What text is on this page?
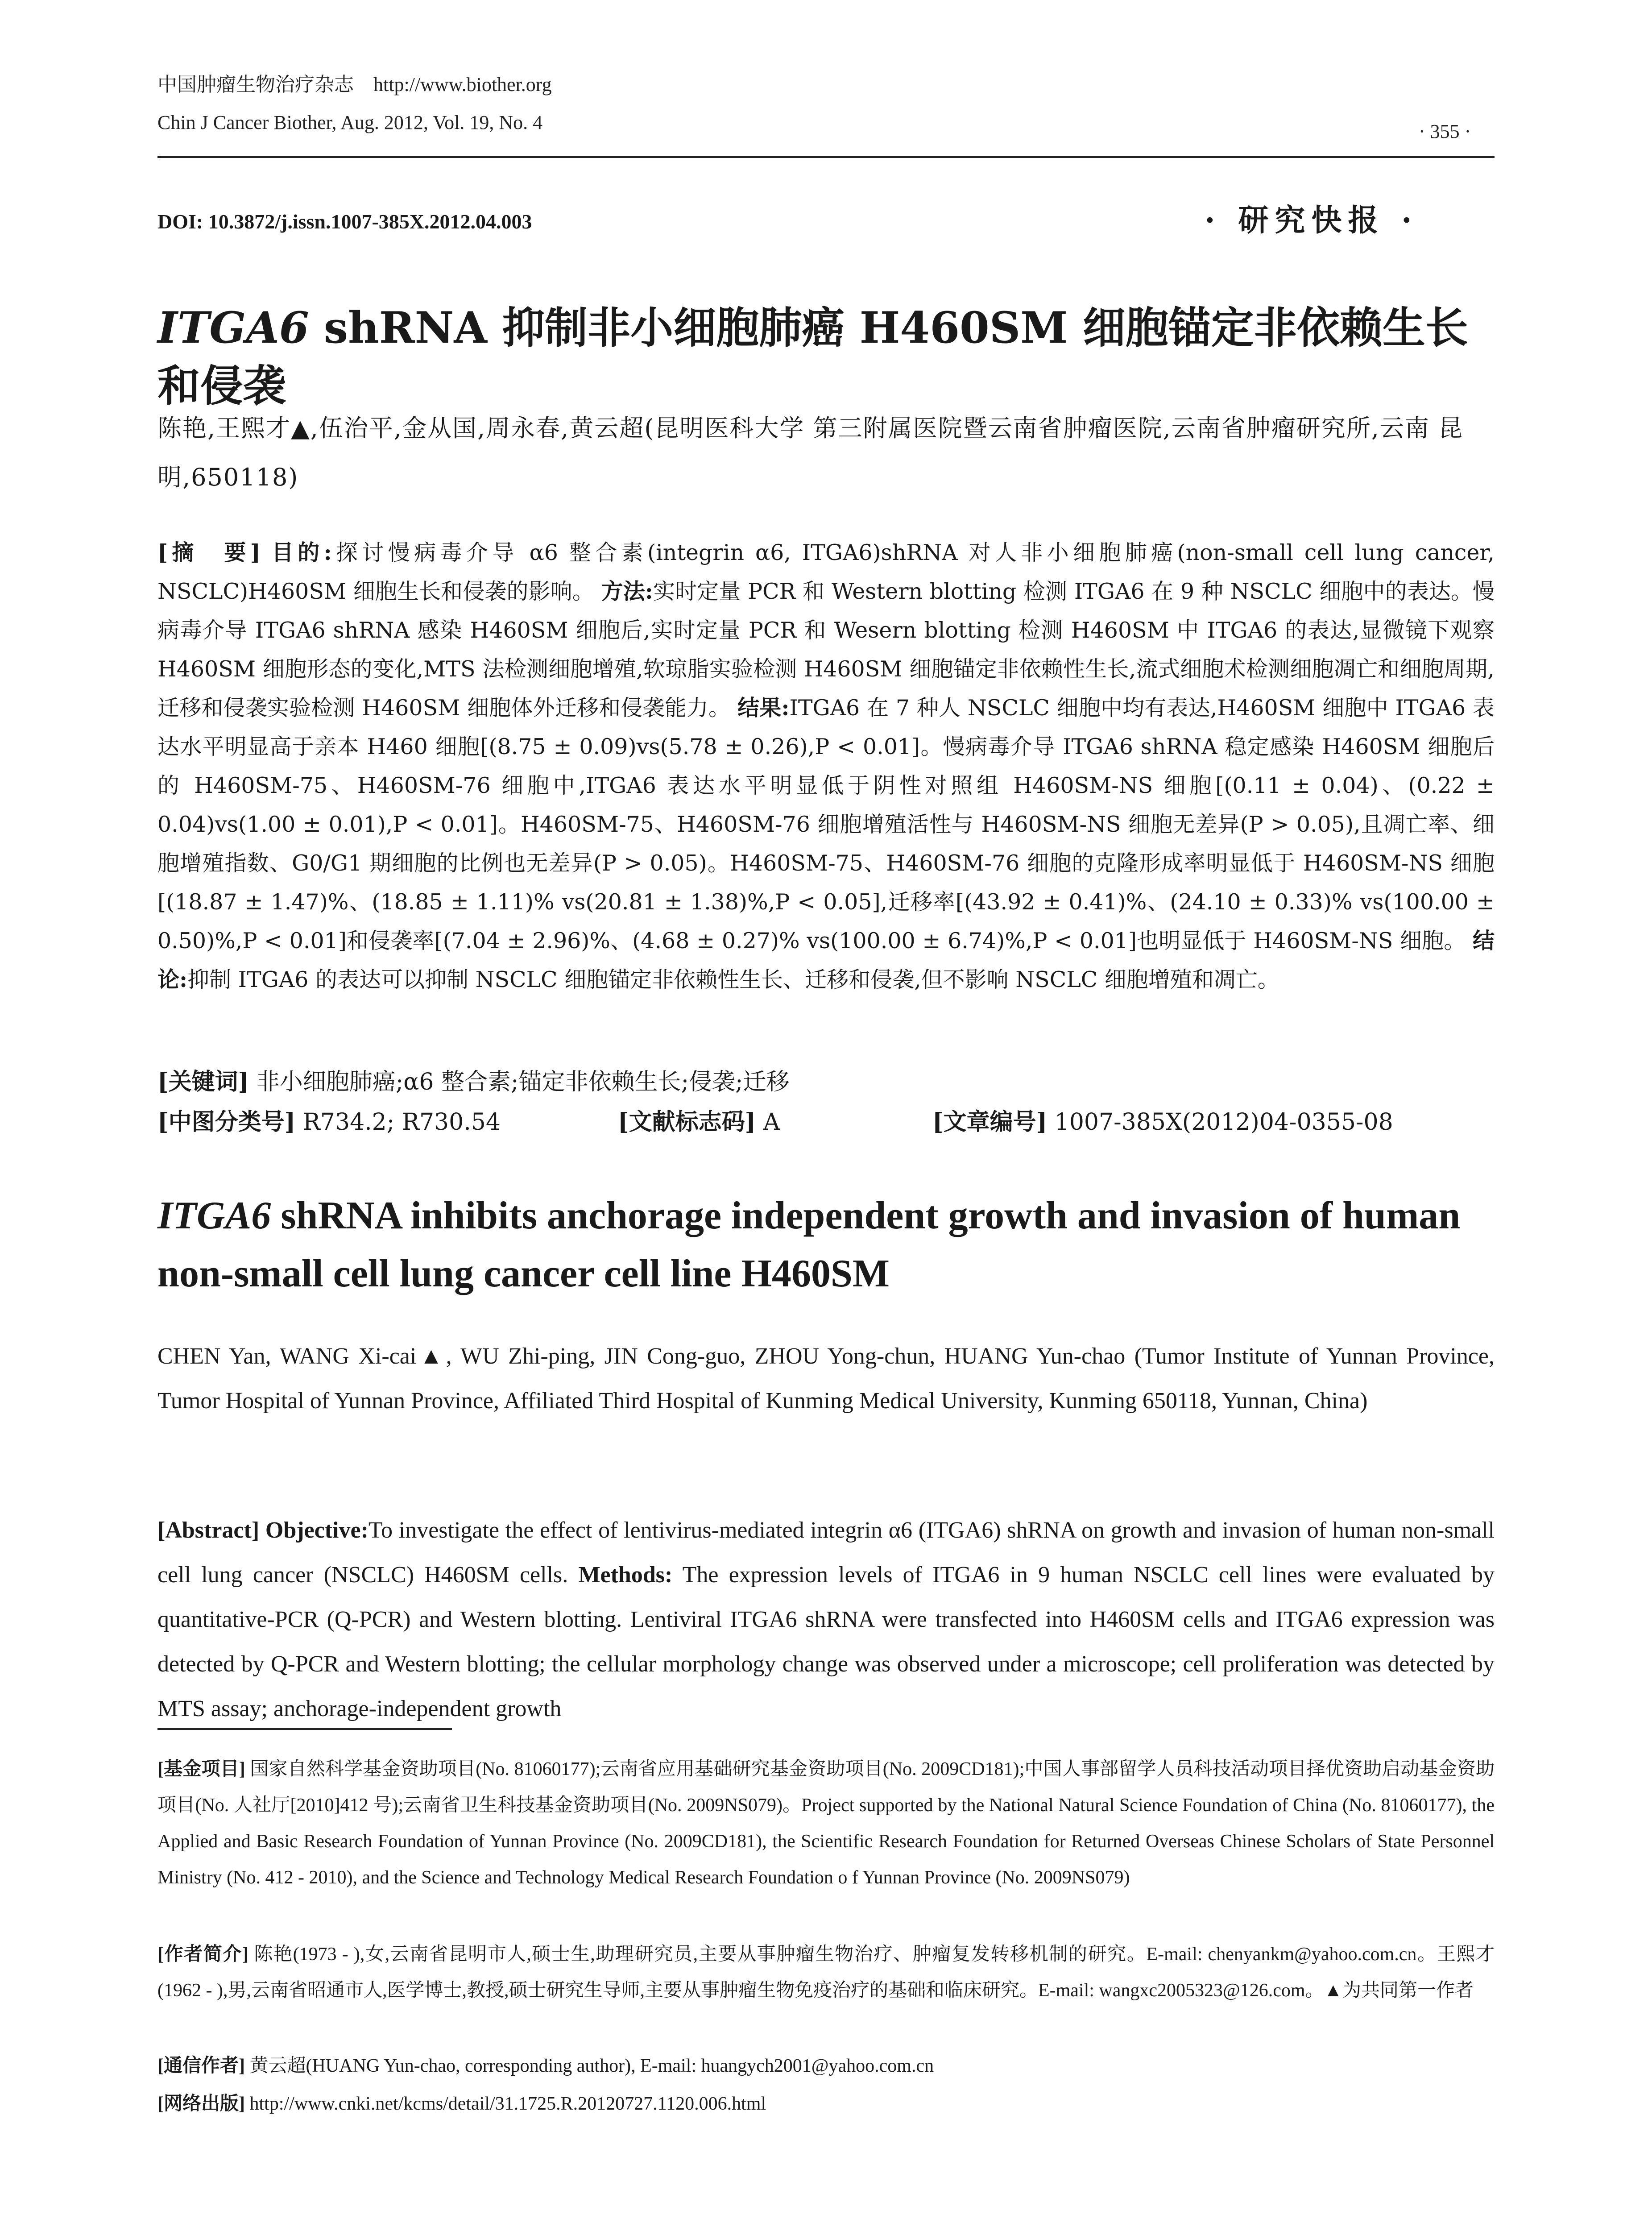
中国肿瘤生物治疗杂志　http://www.biother.org
Chin J Cancer Biother, Aug. 2012, Vol. 19, No. 4	· 355 ·
DOI: 10.3872/j.issn.1007-385X.2012.04.003	· 研究快报 ·
ITGA6 shRNA 抑制非小细胞肺癌 H460SM 细胞锚定非依赖生长和侵袭
陈艳,王熙才▲,伍治平,金从国,周永春,黄云超(昆明医科大学 第三附属医院暨云南省肿瘤医院,云南省肿瘤研究所,云南 昆明,650118)
[摘　要] 目的:探讨慢病毒介导 α6 整合素(integrin α6, ITGA6)shRNA 对人非小细胞肺癌(non-small cell lung cancer, NSCLC)H460SM 细胞生长和侵袭的影响。 方法:实时定量 PCR 和 Western blotting 检测 ITGA6 在 9 种 NSCLC 细胞中的表达。慢病毒介导 ITGA6 shRNA 感染 H460SM 细胞后,实时定量 PCR 和 Wesern blotting 检测 H460SM 中 ITGA6 的表达,显微镜下观察 H460SM 细胞形态的变化,MTS 法检测细胞增殖,软琼脂实验检测 H460SM 细胞锚定非依赖性生长,流式细胞术检测细胞凋亡和细胞周期,迁移和侵袭实验检测 H460SM 细胞体外迁移和侵袭能力。 结果:ITGA6 在 7 种人 NSCLC 细胞中均有表达,H460SM 细胞中 ITGA6 表达水平明显高于亲本 H460 细胞[(8.75 ± 0.09)vs(5.78 ± 0.26),P < 0.01]。慢病毒介导 ITGA6 shRNA 稳定感染 H460SM 细胞后的 H460SM-75、H460SM-76 细胞中,ITGA6 表达水平明显低于阴性对照组 H460SM-NS 细胞[(0.11 ± 0.04)、(0.22 ± 0.04)vs(1.00 ± 0.01),P < 0.01]。H460SM-75、H460SM-76 细胞增殖活性与 H460SM-NS 细胞无差异(P > 0.05),且凋亡率、细胞增殖指数、G0/G1 期细胞的比例也无差异(P > 0.05)。H460SM-75、H460SM-76 细胞的克隆形成率明显低于 H460SM-NS 细胞[(18.87 ± 1.47)%、(18.85 ± 1.11)% vs(20.81 ± 1.38)%,P < 0.05],迁移率[(43.92 ± 0.41)%、(24.10 ± 0.33)% vs(100.00 ± 0.50)%,P < 0.01]和侵袭率[(7.04 ± 2.96)%、(4.68 ± 0.27)% vs(100.00 ± 6.74)%,P < 0.01]也明显低于 H460SM-NS 细胞。 结论:抑制 ITGA6 的表达可以抑制 NSCLC 细胞锚定非依赖性生长、迁移和侵袭,但不影响 NSCLC 细胞增殖和凋亡。
[关键词] 非小细胞肺癌;α6 整合素;锚定非依赖生长;侵袭;迁移
[中图分类号] R734.2; R730.54	[文献标志码] A	[文章编号] 1007-385X(2012)04-0355-08
ITGA6 shRNA inhibits anchorage independent growth and invasion of human non-small cell lung cancer cell line H460SM
CHEN Yan, WANG Xi-cai▲, WU Zhi-ping, JIN Cong-guo, ZHOU Yong-chun, HUANG Yun-chao (Tumor Institute of Yunnan Province, Tumor Hospital of Yunnan Province, Affiliated Third Hospital of Kunming Medical University, Kunming 650118, Yunnan, China)
[Abstract] Objective:To investigate the effect of lentivirus-mediated integrin α6 (ITGA6) shRNA on growth and invasion of human non-small cell lung cancer (NSCLC) H460SM cells. Methods: The expression levels of ITGA6 in 9 human NSCLC cell lines were evaluated by quantitative-PCR (Q-PCR) and Western blotting. Lentiviral ITGA6 shRNA were transfected into H460SM cells and ITGA6 expression was detected by Q-PCR and Western blotting; the cellular morphology change was observed under a microscope; cell proliferation was detected by MTS assay; anchorage-independent growth
[基金项目] 国家自然科学基金资助项目(No. 81060177);云南省应用基础研究基金资助项目(No. 2009CD181);中国人事部留学人员科技活动项目择优资助启动基金资助项目(No. 人社厅[2010]412 号);云南省卫生科技基金资助项目(No. 2009NS079)。Project supported by the National Natural Science Foundation of China (No. 81060177), the Applied and Basic Research Foundation of Yunnan Province (No. 2009CD181), the Scientific Research Foundation for Returned Overseas Chinese Scholars of State Personnel Ministry (No. 412 - 2010), and the Science and Technology Medical Research Foundation o f Yunnan Province (No. 2009NS079)
[作者简介] 陈艳(1973 - ),女,云南省昆明市人,硕士生,助理研究员,主要从事肿瘤生物治疗、肿瘤复发转移机制的研究。E-mail: chenyankm@yahoo.com.cn。王熙才(1962 - ),男,云南省昭通市人,医学博士,教授,硕士研究生导师,主要从事肿瘤生物免疫治疗的基础和临床研究。E-mail: wangxc2005323@126.com。▲为共同第一作者
[通信作者] 黄云超(HUANG Yun-chao, corresponding author), E-mail: huangych2001@yahoo.com.cn
[网络出版] http://www.cnki.net/kcms/detail/31.1725.R.20120727.1120.006.html
